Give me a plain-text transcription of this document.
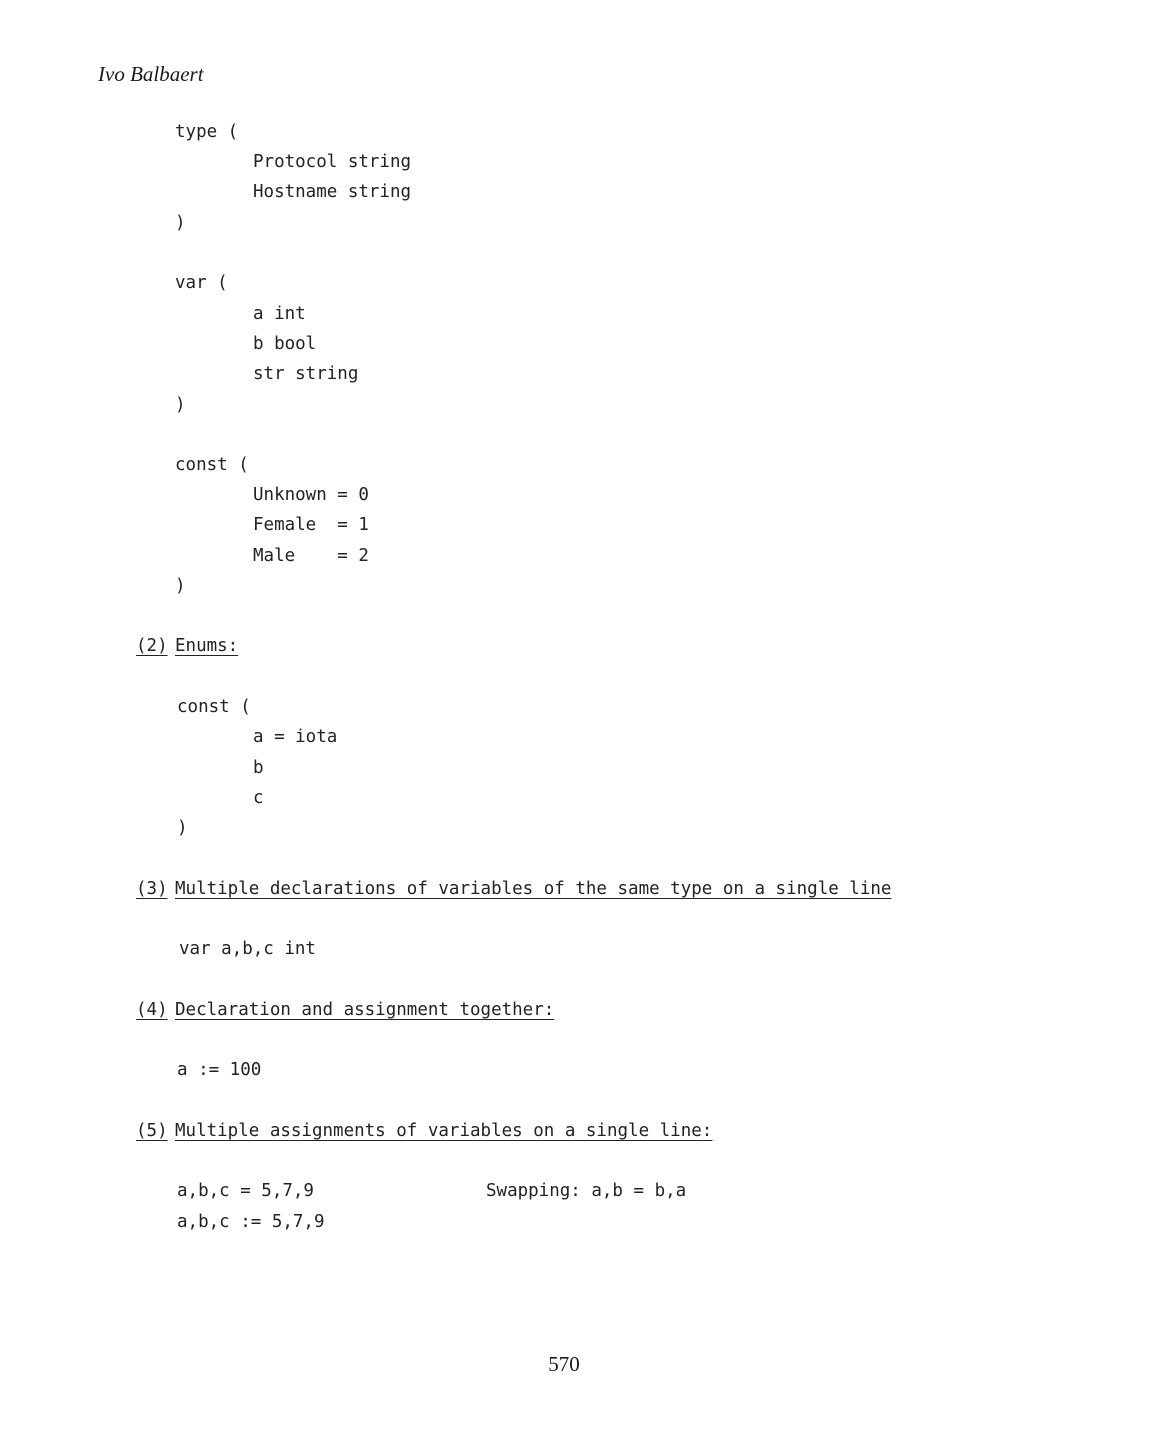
Ivo Balbaert
type (
Protocol string
Hostname string
)
var (
a int
b bool
str string
)
const (
Unknown = 0
Female  = 1
Male    = 2
)
(2) Enums:
const (
a = iota
b
c
)
(3) Multiple declarations of variables of the same type on a single line
var a,b,c int
(4) Declaration and assignment together:
a := 100
(5) Multiple assignments of variables on a single line:
a,b,c = 5,7,9	Swapping: a,b = b,a
a,b,c := 5,7,9
570
